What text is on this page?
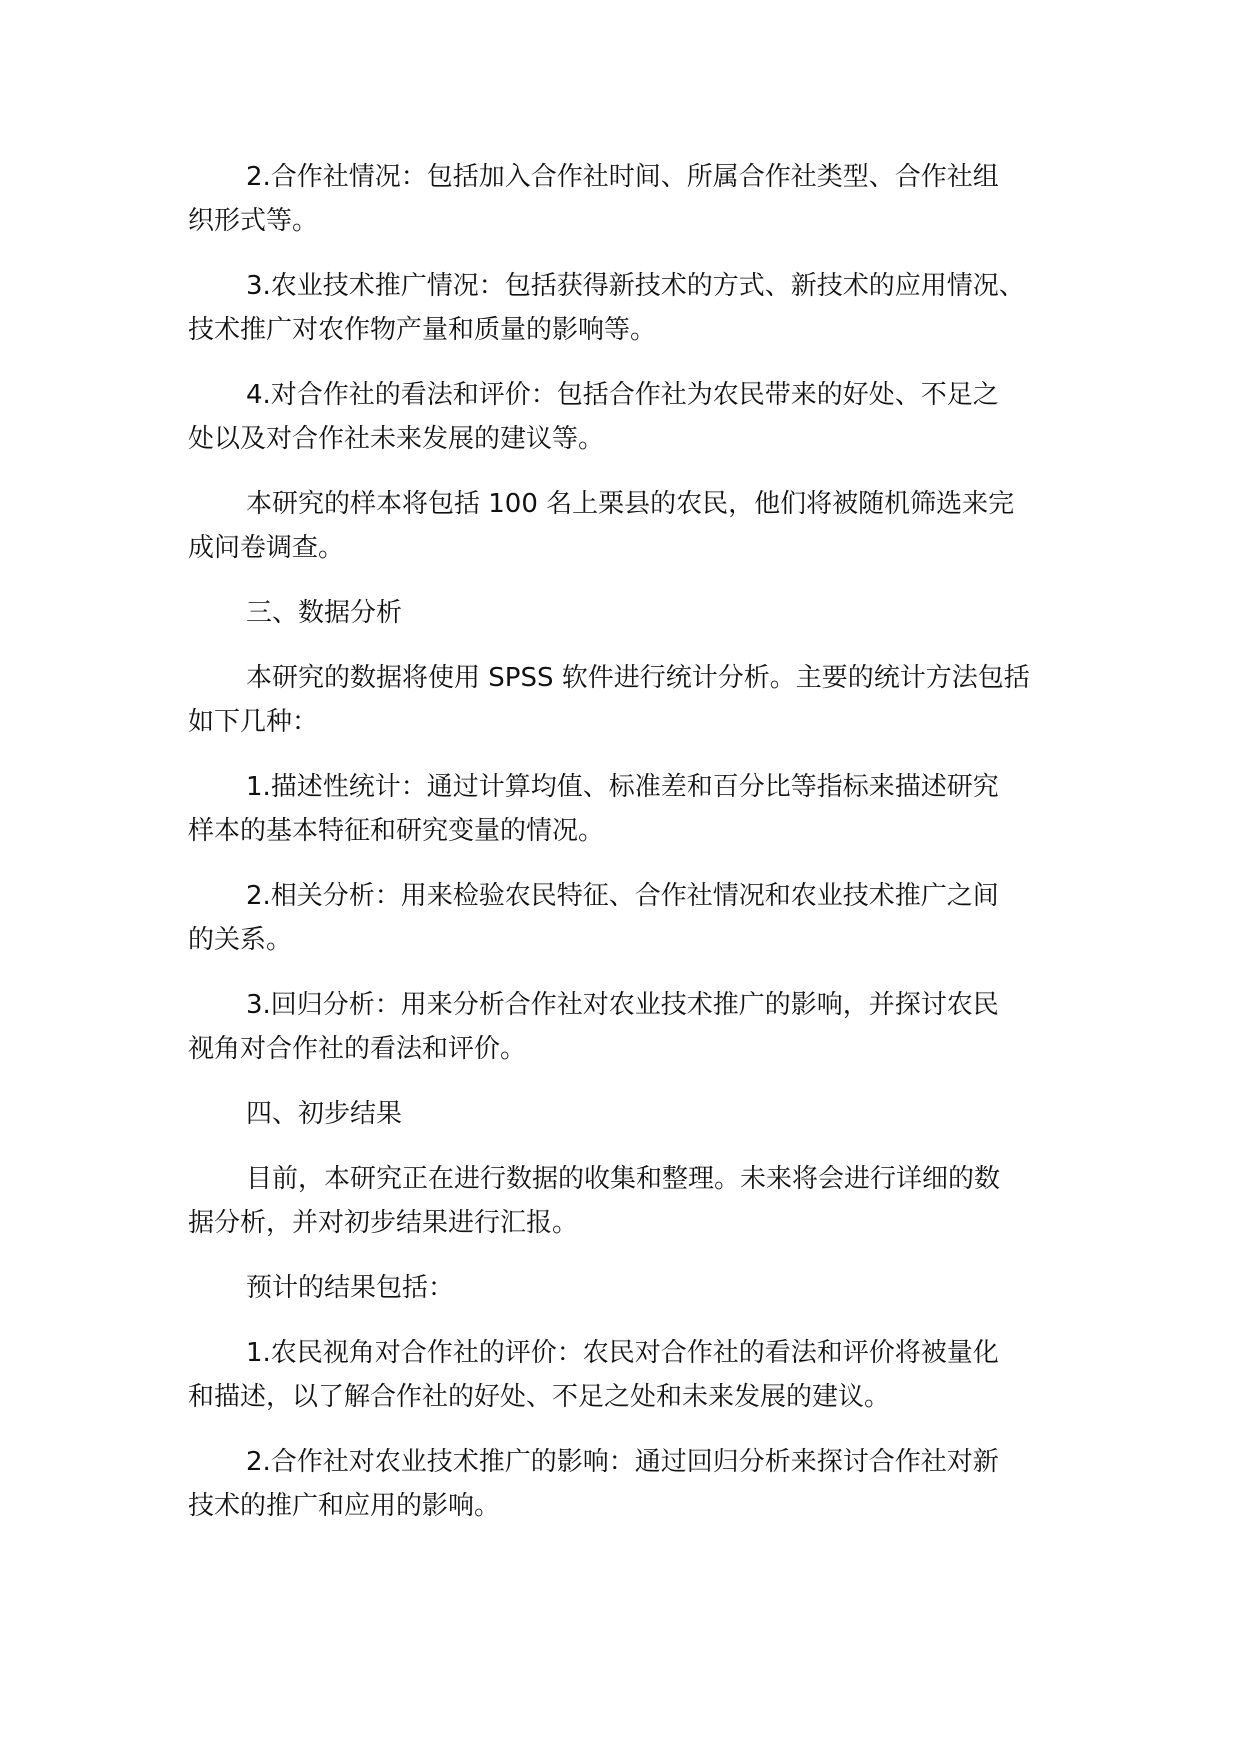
2.合作社情况：包括加入合作社时间、所属合作社类型、合作社组
织形式等。

3.农业技术推广情况：包括获得新技术的方式、新技术的应用情况、
技术推广对农作物产量和质量的影响等。

4.对合作社的看法和评价：包括合作社为农民带来的好处、不足之
处以及对合作社未来发展的建议等。

本研究的样本将包括 100 名上栗县的农民，他们将被随机筛选来完
成问卷调查。

三、数据分析

本研究的数据将使用 SPSS 软件进行统计分析。主要的统计方法包括
如下几种：

1.描述性统计：通过计算均值、标准差和百分比等指标来描述研究
样本的基本特征和研究变量的情况。

2.相关分析：用来检验农民特征、合作社情况和农业技术推广之间
的关系。

3.回归分析：用来分析合作社对农业技术推广的影响，并探讨农民
视角对合作社的看法和评价。

四、初步结果

目前，本研究正在进行数据的收集和整理。未来将会进行详细的数
据分析，并对初步结果进行汇报。

预计的结果包括：

1.农民视角对合作社的评价：农民对合作社的看法和评价将被量化
和描述，以了解合作社的好处、不足之处和未来发展的建议。

2.合作社对农业技术推广的影响：通过回归分析来探讨合作社对新
技术的推广和应用的影响。
